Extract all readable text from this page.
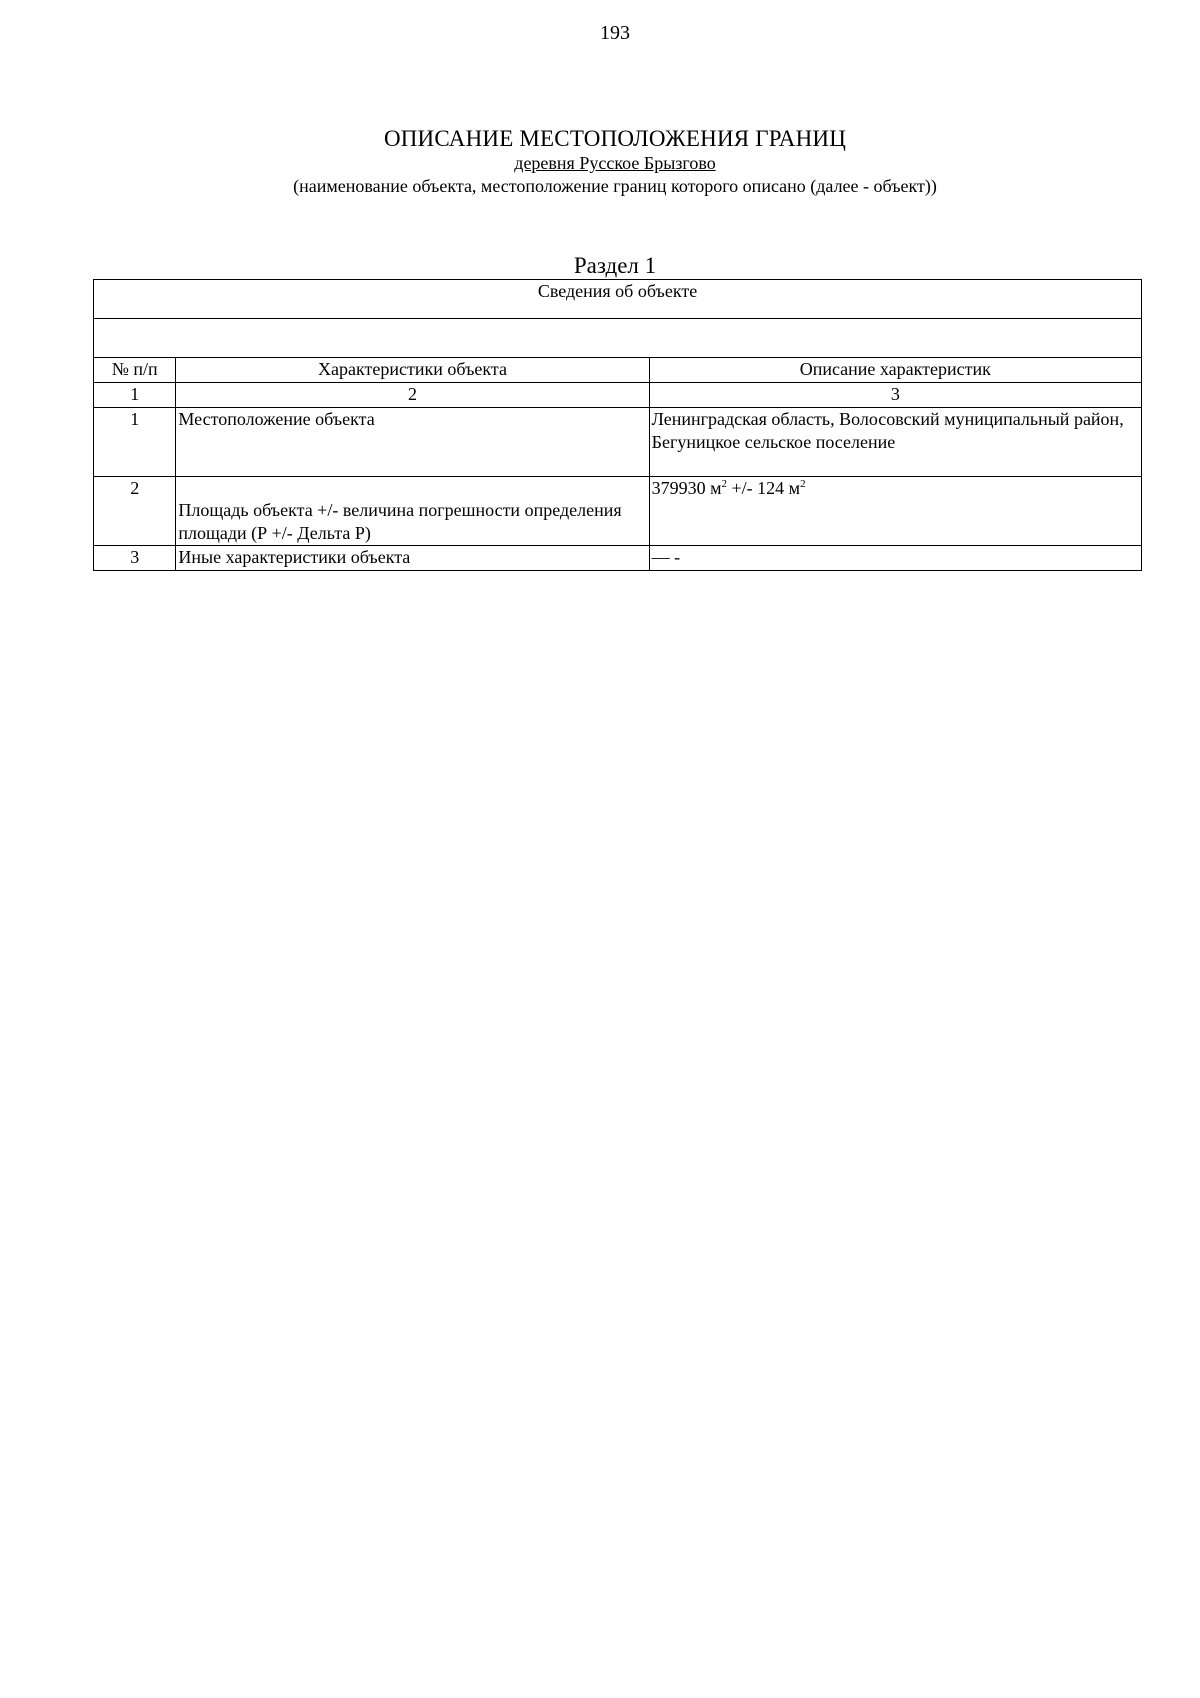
193
ОПИСАНИЕ МЕСТОПОЛОЖЕНИЯ ГРАНИЦ
деревня Русское Брызгово
(наименование объекта, местоположение границ которого описано (далее - объект))
Раздел 1
Сведения об объекте		

№ п/п	Характеристики объекта	Описание характеристик
1	2	3
1	Местоположение объекта	Ленинградская область, Волосовский муниципальный район, Бегуницкое сельское поселение
2	Площадь объекта +/- величина погрешности определения площади (Р +/- Дельта Р)	379930 $м^2$ +/- 124 $м^2$
3	Иные характеристики объекта	— -
